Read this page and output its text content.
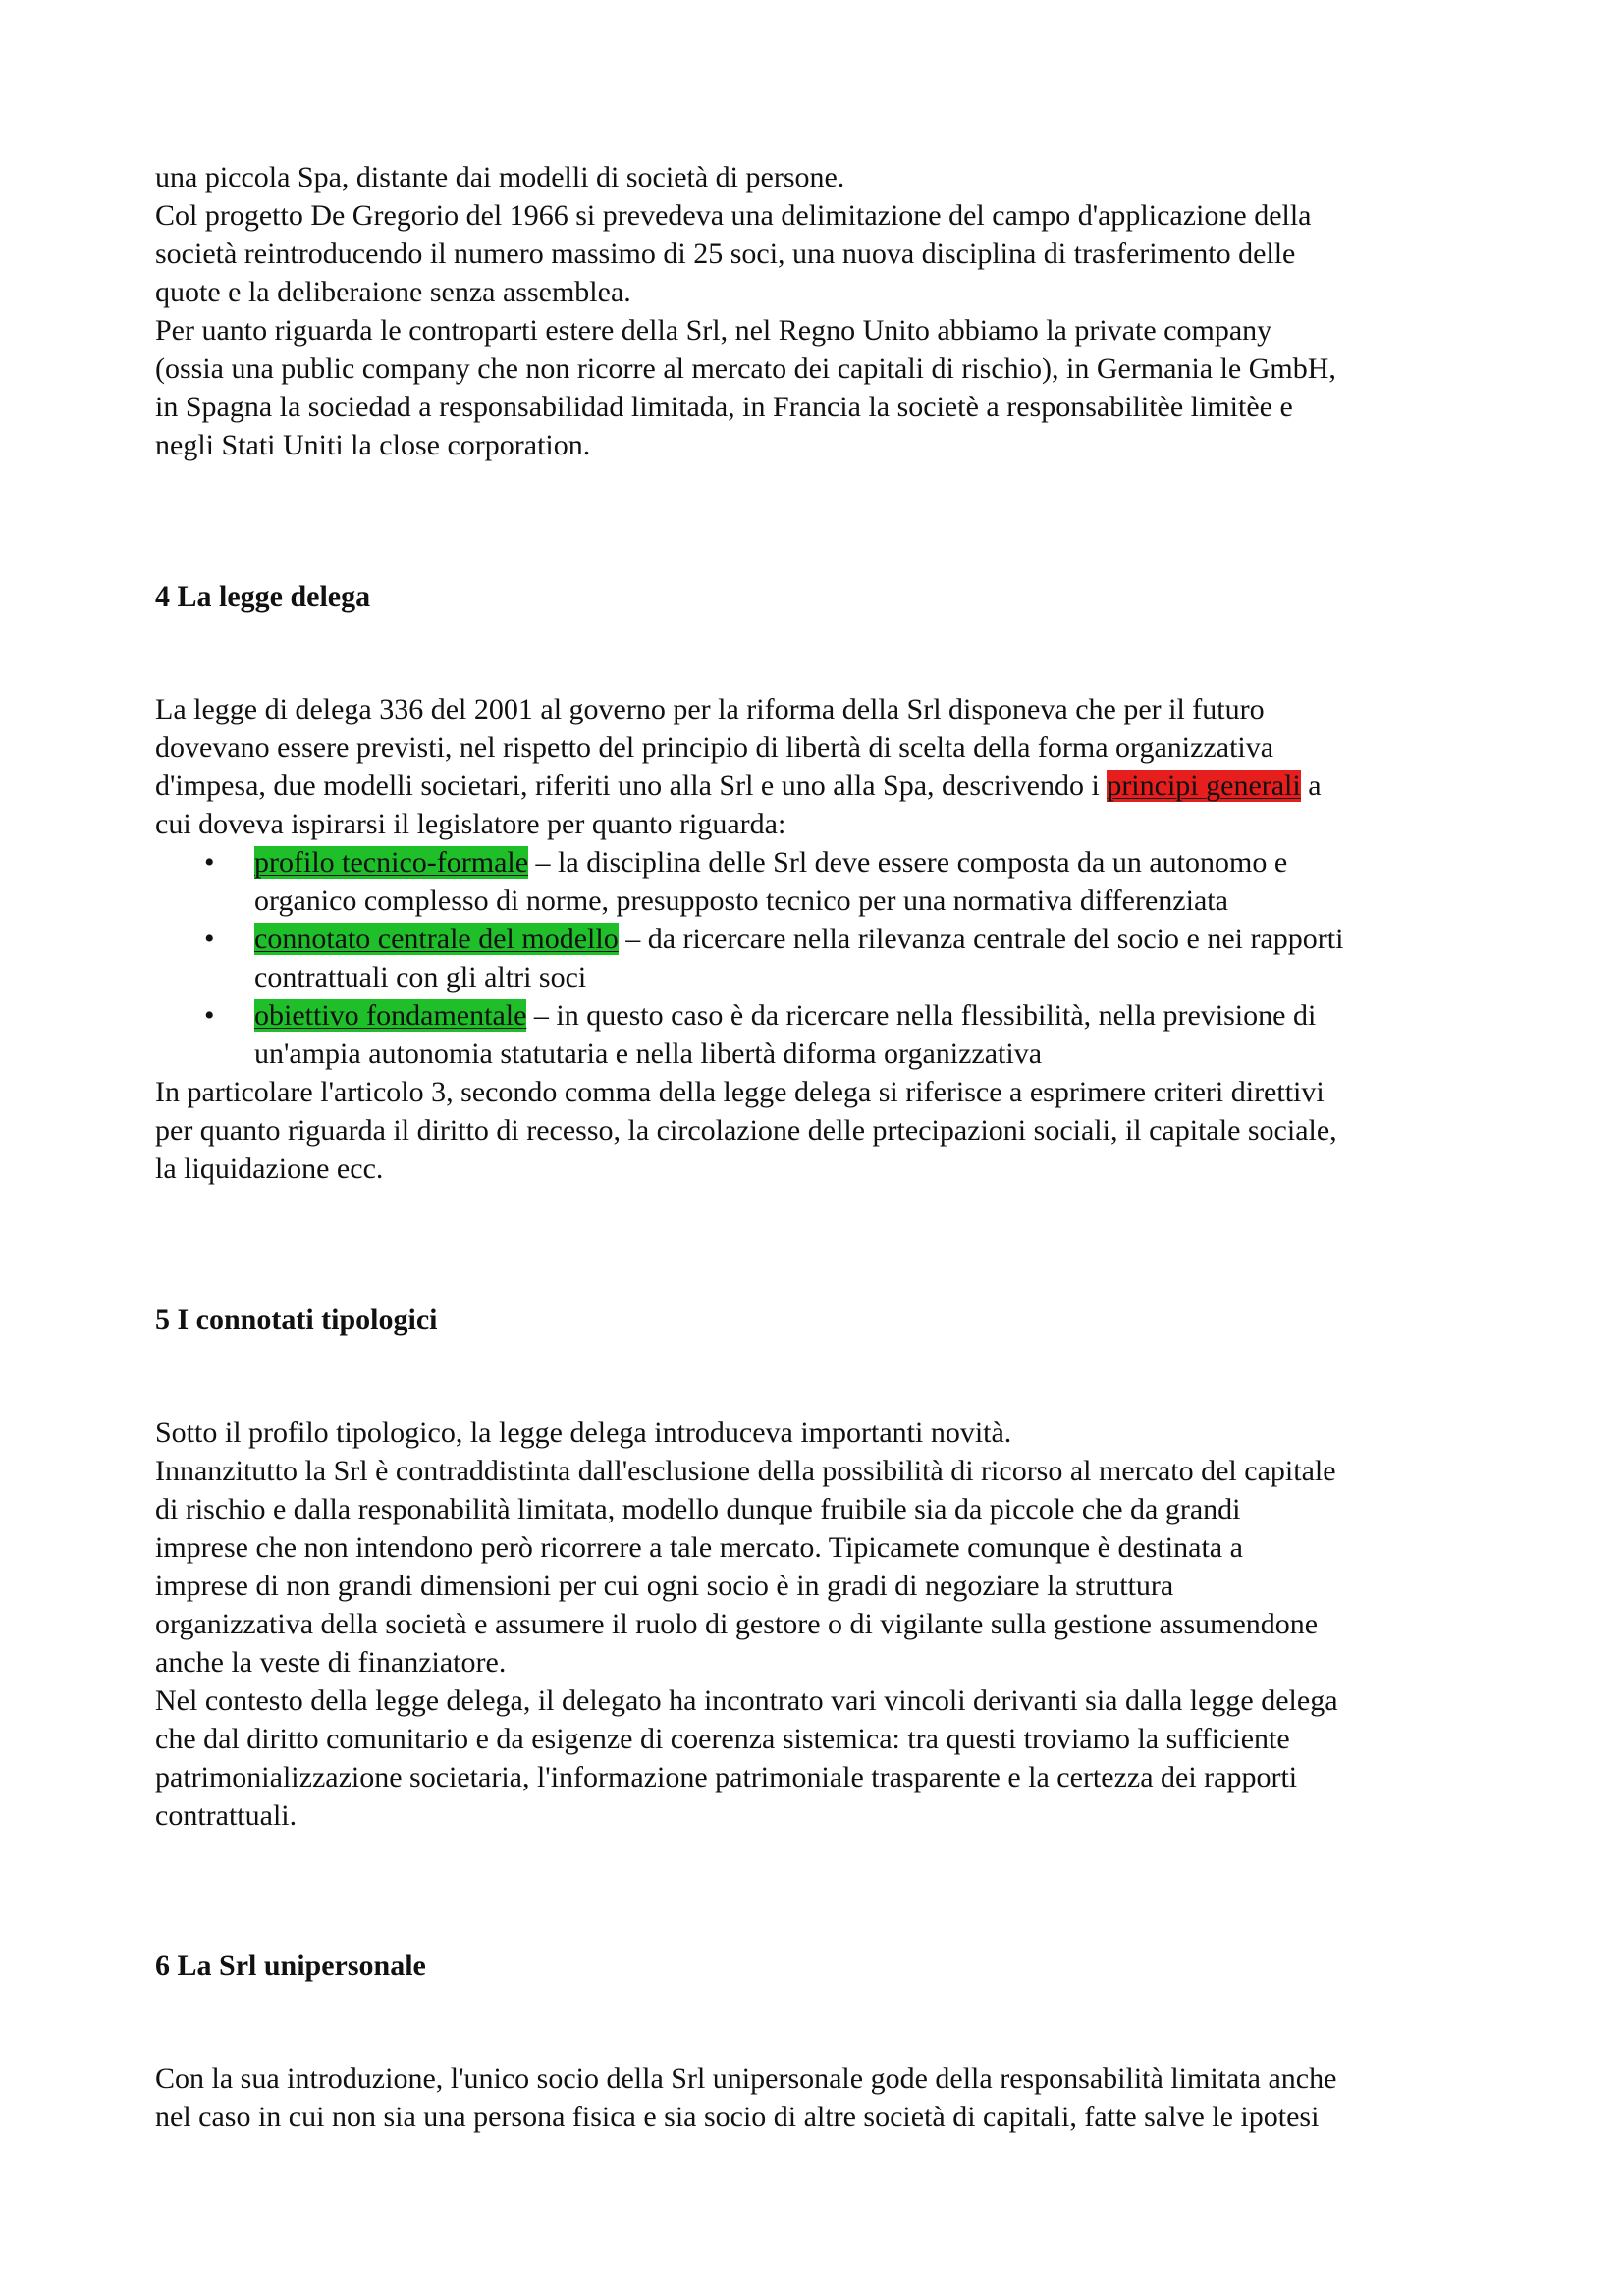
una piccola Spa, distante dai modelli di società di persone.
Col progetto De Gregorio del 1966 si prevedeva una delimitazione del campo d'applicazione della
società reintroducendo il numero massimo di 25 soci, una nuova disciplina di trasferimento delle
quote e la deliberaione senza assemblea.
Per uanto riguarda le controparti estere della Srl, nel Regno Unito abbiamo la private company
(ossia una public company che non ricorre al mercato dei capitali di rischio), in Germania le GmbH,
in Spagna la sociedad a responsabilidad limitada, in Francia la societè a responsabilitèe limitèe e
negli Stati Uniti la close corporation.
4 La legge delega
La legge di delega 336 del 2001 al governo per la riforma della Srl disponeva che per il futuro
dovevano essere previsti, nel rispetto del principio di libertà di scelta della forma organizzativa
d'impesa, due modelli societari, riferiti uno alla Srl e uno alla Spa, descrivendo i principi generali a
cui doveva ispirarsi il legislatore per quanto riguarda:
• profilo tecnico-formale – la disciplina delle Srl deve essere composta da un autonomo e
organico complesso di norme, presupposto tecnico per una normativa differenziata
• connotato centrale del modello – da ricercare nella rilevanza centrale del socio e nei rapporti
contrattuali con gli altri soci
• obiettivo fondamentale – in questo caso è da ricercare nella flessibilità, nella previsione di
un'ampia autonomia statutaria e nella libertà diforma organizzativa
In particolare l'articolo 3, secondo comma della legge delega si riferisce a esprimere criteri direttivi
per quanto riguarda il diritto di recesso, la circolazione delle prtecipazioni sociali, il capitale sociale,
la liquidazione ecc.
5 I connotati tipologici
Sotto il profilo tipologico, la legge delega introduceva importanti novità.
Innanzitutto la Srl è contraddistinta dall'esclusione della possibilità di ricorso al mercato del capitale
di rischio e dalla responabilità limitata, modello dunque fruibile sia da piccole che da grandi
imprese che non intendono però ricorrere a tale mercato. Tipicamete comunque è destinata a
imprese di non grandi dimensioni per cui ogni socio è in gradi di negoziare la struttura
organizzativa della società e assumere il ruolo di gestore o di vigilante sulla gestione assumendone
anche la veste di finanziatore.
Nel contesto della legge delega, il delegato ha incontrato vari vincoli derivanti sia dalla legge delega
che dal diritto comunitario e da esigenze di coerenza sistemica: tra questi troviamo la sufficiente
patrimonializzazione societaria, l'informazione patrimoniale trasparente e la certezza dei rapporti
contrattuali.
6 La Srl unipersonale
Con la sua introduzione, l'unico socio della Srl unipersonale gode della responsabilità limitata anche
nel caso in cui non sia una persona fisica e sia socio di altre società di capitali, fatte salve le ipotesi
